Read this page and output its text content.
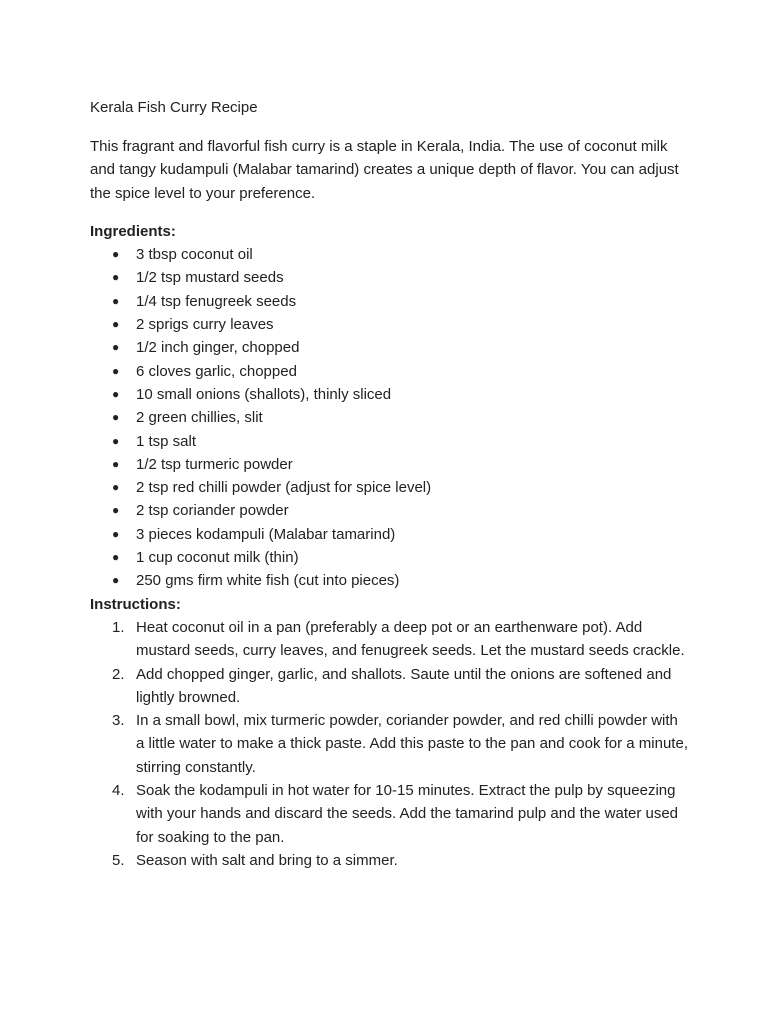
Kerala Fish Curry Recipe

This fragrant and flavorful fish curry is a staple in Kerala, India. The use of coconut milk and tangy kudampuli (Malabar tamarind) creates a unique depth of flavor. You can adjust the spice level to your preference.

Ingredients:
● 3 tbsp coconut oil
● 1/2 tsp mustard seeds
● 1/4 tsp fenugreek seeds
● 2 sprigs curry leaves
● 1/2 inch ginger, chopped
● 6 cloves garlic, chopped
● 10 small onions (shallots), thinly sliced
● 2 green chillies, slit
● 1 tsp salt
● 1/2 tsp turmeric powder
● 2 tsp red chilli powder (adjust for spice level)
● 2 tsp coriander powder
● 3 pieces kodampuli (Malabar tamarind)
● 1 cup coconut milk (thin)
● 250 gms firm white fish (cut into pieces)
Instructions:
1. Heat coconut oil in a pan (preferably a deep pot or an earthenware pot). Add mustard seeds, curry leaves, and fenugreek seeds. Let the mustard seeds crackle.
2. Add chopped ginger, garlic, and shallots. Saute until the onions are softened and lightly browned.
3. In a small bowl, mix turmeric powder, coriander powder, and red chilli powder with a little water to make a thick paste. Add this paste to the pan and cook for a minute, stirring constantly.
4. Soak the kodampuli in hot water for 10-15 minutes. Extract the pulp by squeezing with your hands and discard the seeds. Add the tamarind pulp and the water used for soaking to the pan.
5. Season with salt and bring to a simmer.
